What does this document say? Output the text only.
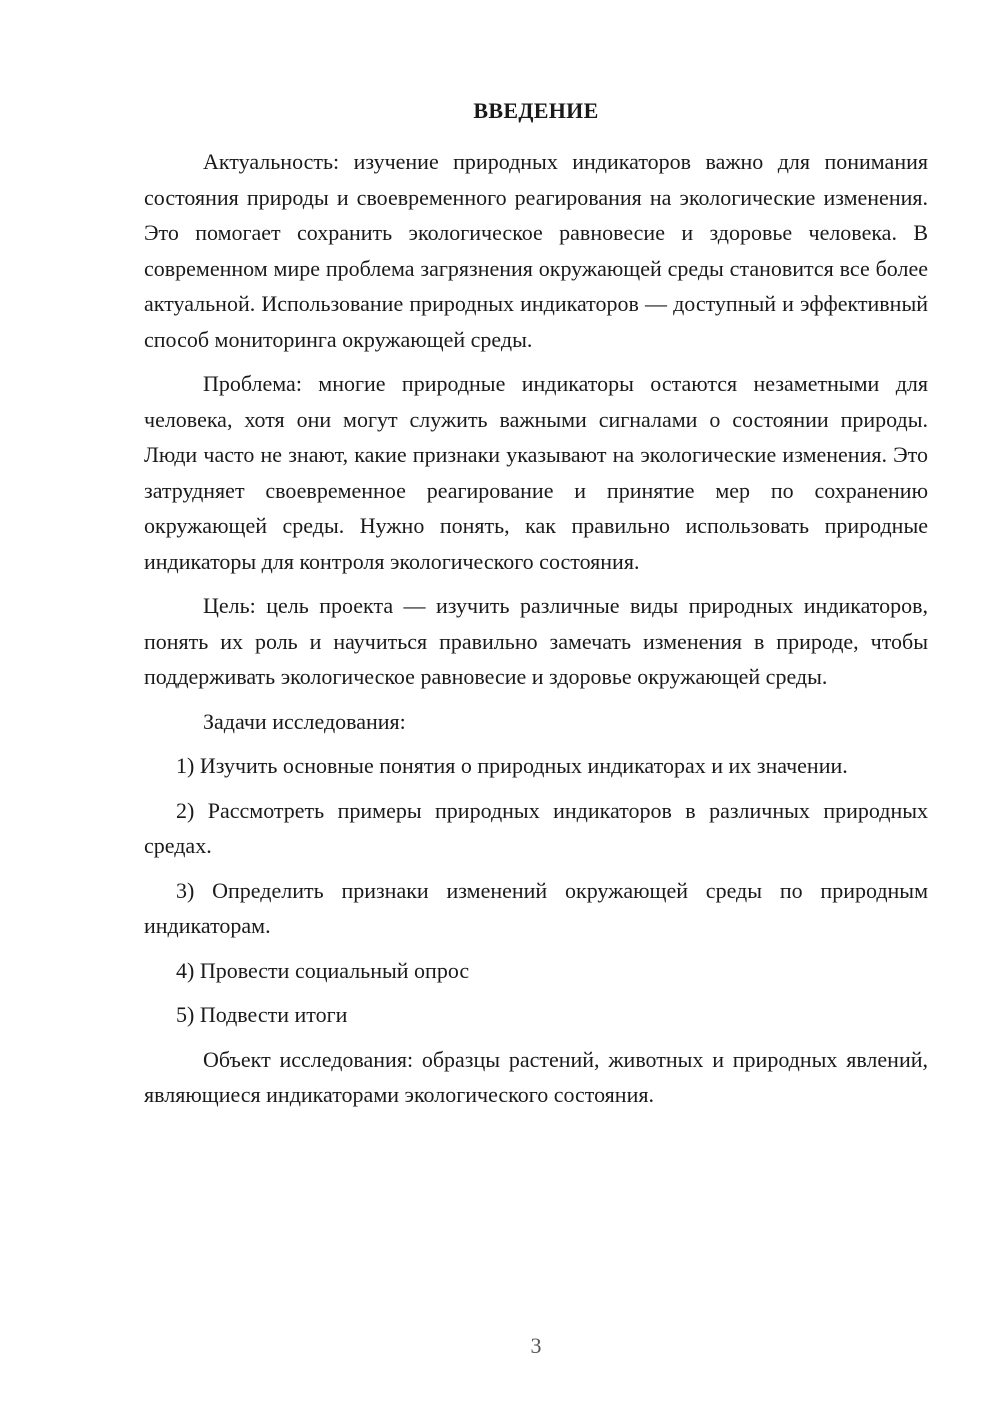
ВВЕДЕНИЕ

Актуальность: изучение природных индикаторов важно для понимания состояния природы и своевременного реагирования на экологические изменения. Это помогает сохранить экологическое равновесие и здоровье человека. В современном мире проблема загрязнения окружающей среды становится все более актуальной. Использование природных индикаторов — доступный и эффективный способ мониторинга окружающей среды.

Проблема: многие природные индикаторы остаются незаметными для человека, хотя они могут служить важными сигналами о состоянии природы. Люди часто не знают, какие признаки указывают на экологические изменения. Это затрудняет своевременное реагирование и принятие мер по сохранению окружающей среды. Нужно понять, как правильно использовать природные индикаторы для контроля экологического состояния.

Цель: цель проекта — изучить различные виды природных индикаторов, понять их роль и научиться правильно замечать изменения в природе, чтобы поддерживать экологическое равновесие и здоровье окружающей среды.

Задачи исследования:

1) Изучить основные понятия о природных индикаторах и их значении.

2) Рассмотреть примеры природных индикаторов в различных природных средах.

3) Определить признаки изменений окружающей среды по природным индикаторам.

4) Провести социальный опрос

5) Подвести итоги

Объект исследования: образцы растений, животных и природных явлений, являющиеся индикаторами экологического состояния.

3
